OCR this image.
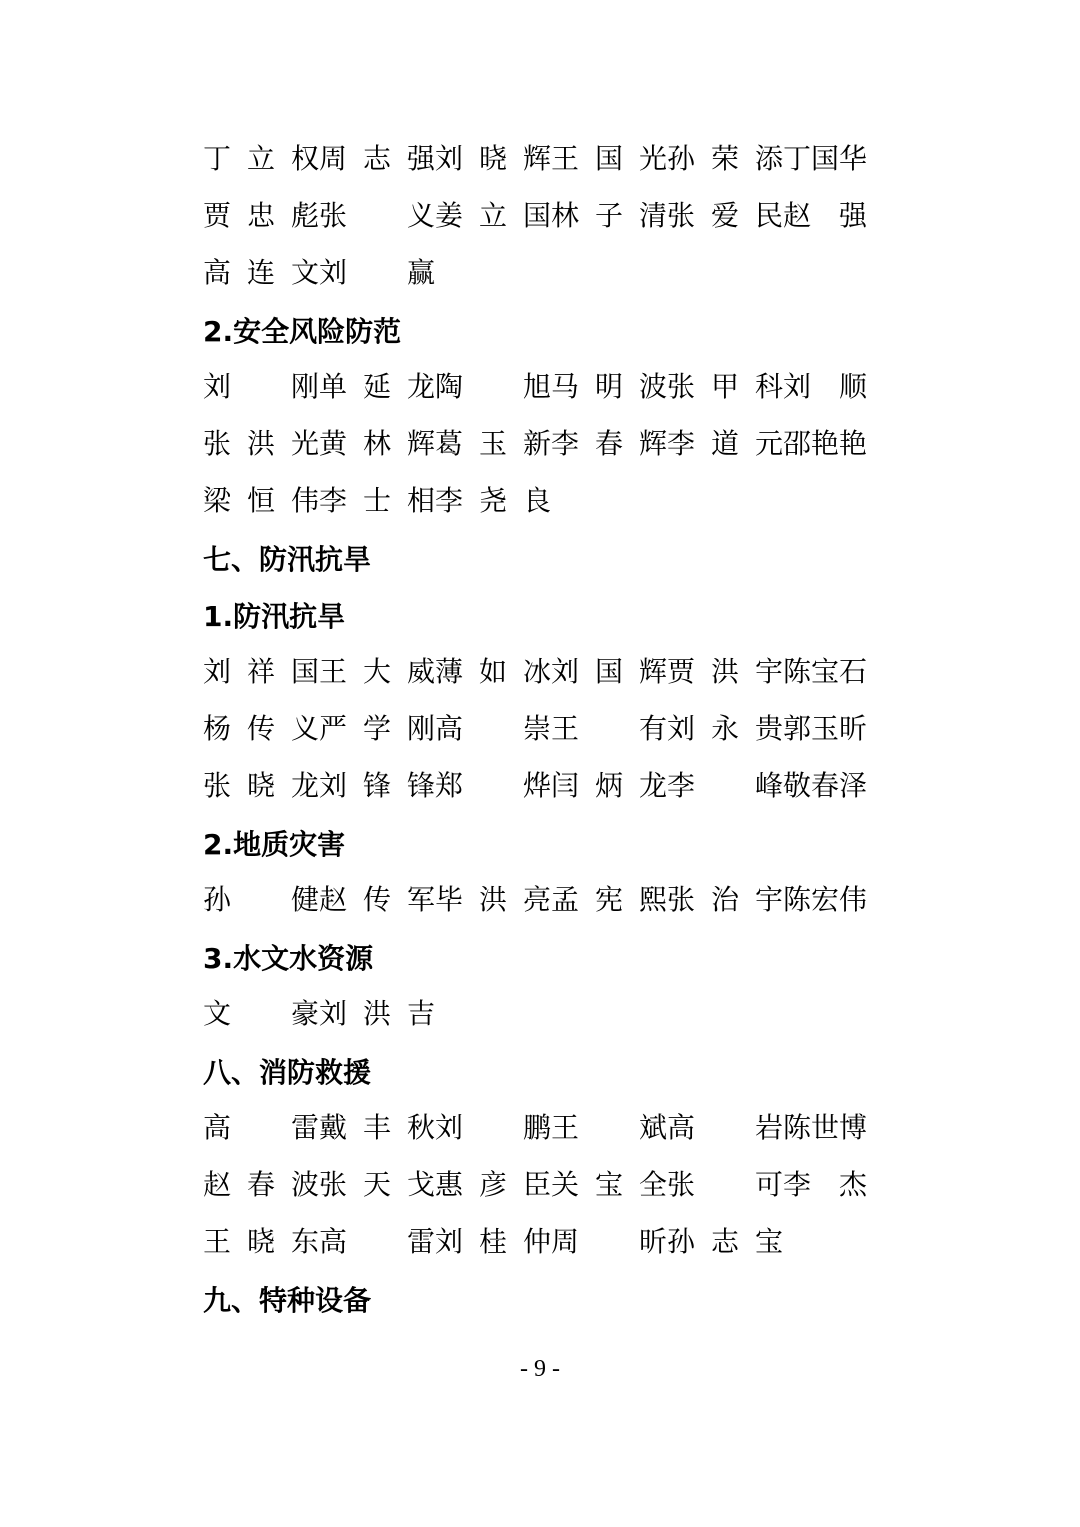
丁 立 权 周 志 强 刘 晓 辉 王 国 光 孙 荣 添 丁 国 华
贾 忠 彪 张 义 姜 立 国 林 子 清 张 爱 民 赵 强
高 连 文 刘 赢
2.安全风险防范
刘 刚 单 延 龙 陶 旭 马 明 波 张 甲 科 刘 顺
张 洪 光 黄 林 辉 葛 玉 新 李 春 辉 李 道 元 邵 艳 艳
梁 恒 伟 李 士 相 李 尧 良
七、防汛抗旱
1.防汛抗旱
刘 祥 国 王 大 威 薄 如 冰 刘 国 辉 贾 洪 宇 陈 宝 石
杨 传 义 严 学 刚 高 崇 王 有 刘 永 贵 郭 玉 昕
张 晓 龙 刘 锋 锋 郑 烨 闫 炳 龙 李 峰 敬 春 泽
2.地质灾害
孙 健 赵 传 军 毕 洪 亮 孟 宪 熙 张 治 宇 陈 宏 伟
3.水文水资源
文 豪 刘 洪 吉
八、消防救援
高 雷 戴 丰 秋 刘 鹏 王 斌 高 岩 陈 世 博
赵 春 波 张 天 戈 惠 彦 臣 关 宝 全 张 可 李 杰
王 晓 东 高 雷 刘 桂 仲 周 昕 孙 志 宝
九、特种设备
- 9 -
